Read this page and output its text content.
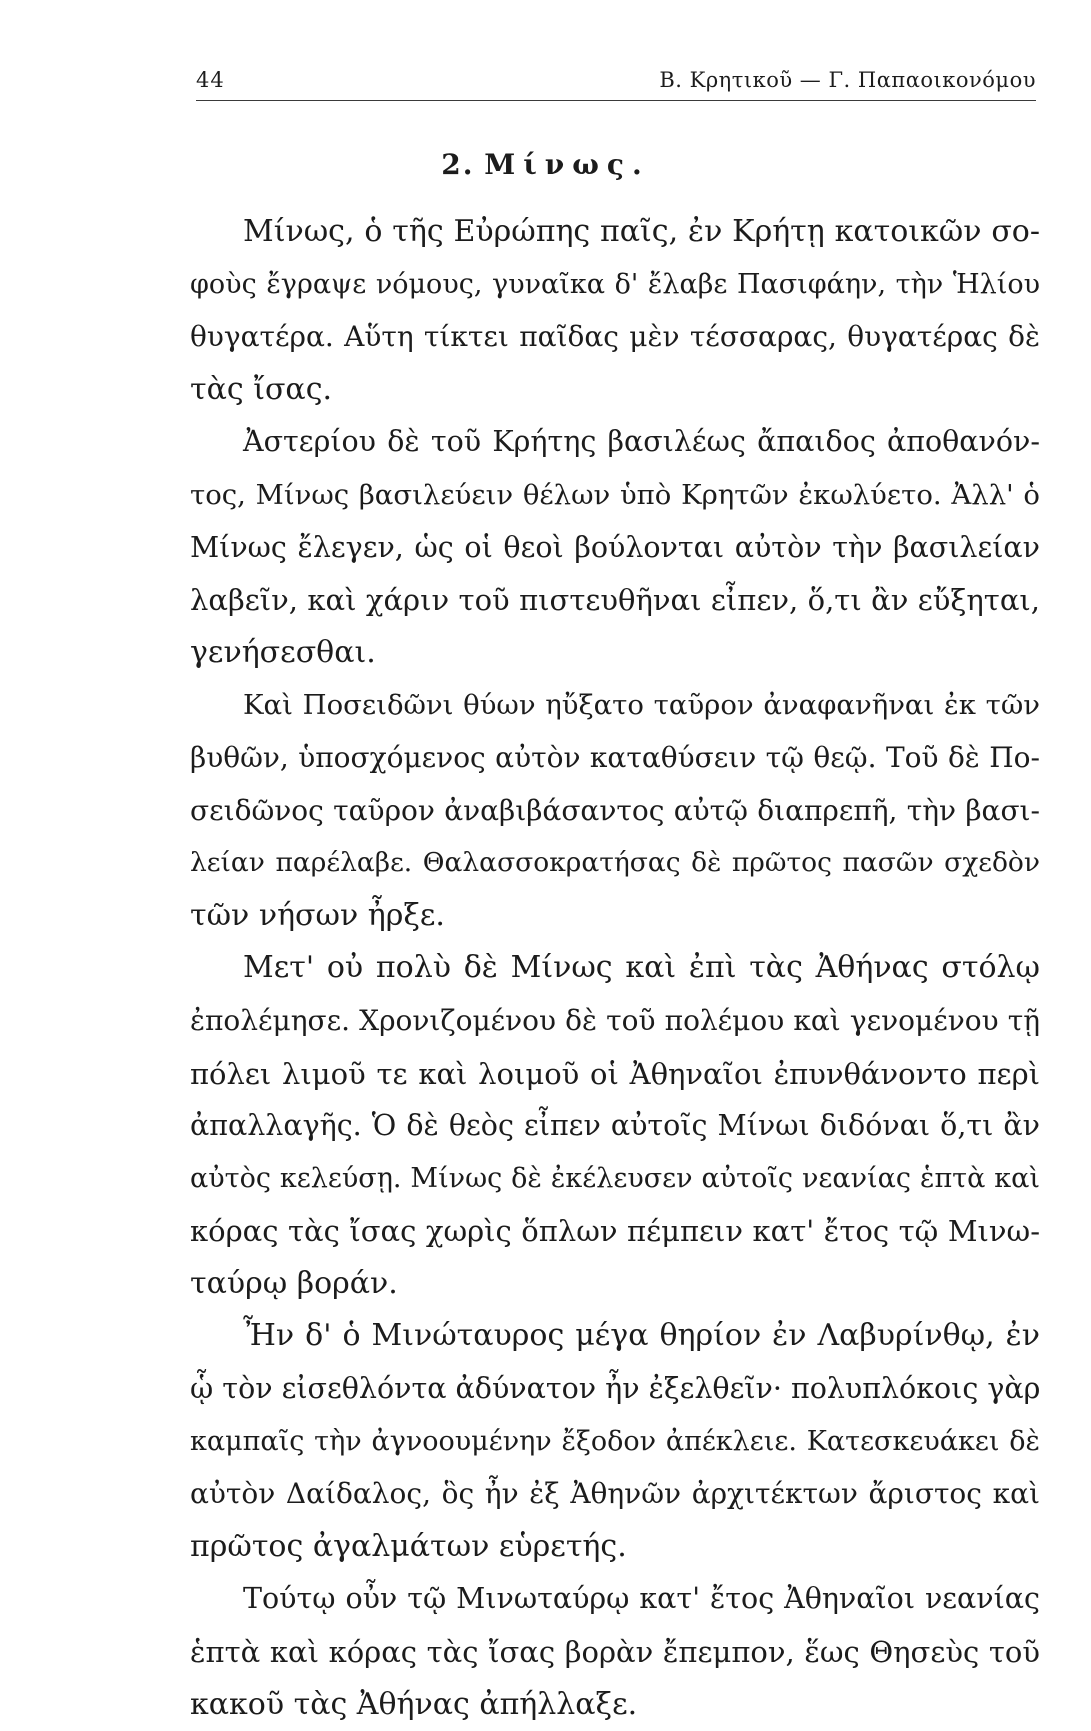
44	Β. Κρητικοῦ — Γ. Παπαοικονόμου
2. Μίνως.

Μίνως, ὁ τῆς Εὐρώπης παῖς, ἐν Κρήτῃ κατοικῶν σο-
φοὺς ἔγραψε νόμους, γυναῖκα δ' ἔλαβε Πασιφάην, τὴν Ἡλίου
θυγατέρα. Αὕτη τίκτει παῖδας μὲν τέσσαρας, θυγατέρας δὲ
τὰς ἴσας.

Ἀστερίου δὲ τοῦ Κρήτης βασιλέως ἄπαιδος ἀποθανόν-
τος, Μίνως βασιλεύειν θέλων ὑπὸ Κρητῶν ἐκωλύετο. Ἀλλ' ὁ
Μίνως ἔλεγεν, ὡς οἱ θεοὶ βούλονται αὐτὸν τὴν βασιλείαν
λαβεῖν, καὶ χάριν τοῦ πιστευθῆναι εἶπεν, ὅ,τι ἂν εὔξηται,
γενήσεσθαι.

Καὶ Ποσειδῶνι θύων ηὔξατο ταῦρον ἀναφανῆναι ἐκ τῶν
βυθῶν, ὑποσχόμενος αὐτὸν καταθύσειν τῷ θεῷ. Τοῦ δὲ Πο-
σειδῶνος ταῦρον ἀναβιβάσαντος αὐτῷ διαπρεπῆ, τὴν βασι-
λείαν παρέλαβε. Θαλασσοκρατήσας δὲ πρῶτος πασῶν σχεδὸν
τῶν νήσων ἦρξε.

Μετ' οὐ πολὺ δὲ Μίνως καὶ ἐπὶ τὰς Ἀθήνας στόλῳ
ἐπολέμησε. Χρονιζομένου δὲ τοῦ πολέμου καὶ γενομένου τῇ
πόλει λιμοῦ τε καὶ λοιμοῦ οἱ Ἀθηναῖοι ἐπυνθάνοντο περὶ
ἀπαλλαγῆς. Ὁ δὲ θεὸς εἶπεν αὐτοῖς Μίνωι διδόναι ὅ,τι ἂν
αὐτὸς κελεύσῃ. Μίνως δὲ ἐκέλευσεν αὐτοῖς νεανίας ἑπτὰ καὶ
κόρας τὰς ἴσας χωρὶς ὅπλων πέμπειν κατ' ἔτος τῷ Μινω-
ταύρῳ βοράν.

Ἦν δ' ὁ Μινώταυρος μέγα θηρίον ἐν Λαβυρίνθῳ, ἐν
ᾧ τὸν εἰσεθλόντα ἀδύνατον ἦν ἐξελθεῖν· πολυπλόκοις γὰρ
καμπαῖς τὴν ἀγνοουμένην ἔξοδον ἀπέκλειε. Κατεσκευάκει δὲ
αὐτὸν Δαίδαλος, ὃς ἦν ἐξ Ἀθηνῶν ἀρχιτέκτων ἄριστος καὶ
πρῶτος ἀγαλμάτων εὑρετής.

Τούτῳ οὖν τῷ Μινωταύρῳ κατ' ἔτος Ἀθηναῖοι νεανίας
ἑπτὰ καὶ κόρας τὰς ἴσας βορὰν ἔπεμπον, ἕως Θησεὺς τοῦ
κακοῦ τὰς Ἀθήνας ἀπήλλαξε.
